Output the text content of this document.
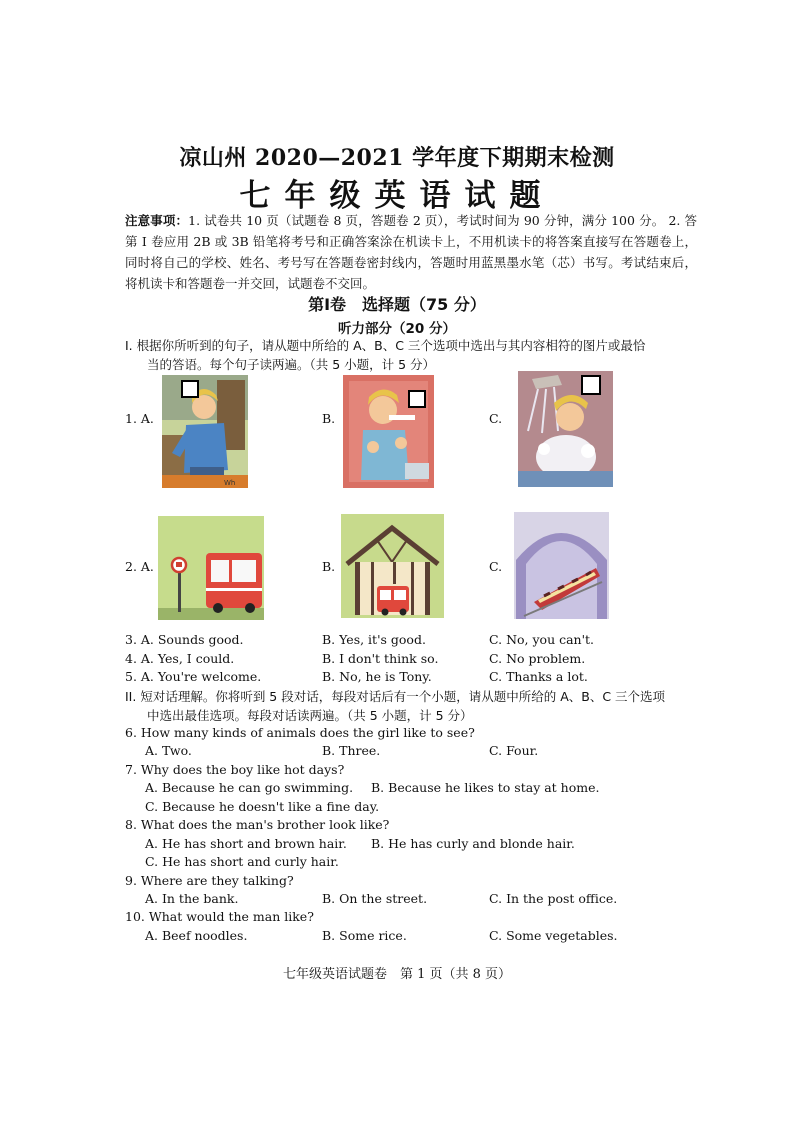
凉山州 2020—2021 学年度下期期末检测
七年级英语试题
注意事项：1. 试卷共 10 页（试题卷 8 页，答题卷 2 页），考试时间为 90 分钟，满分 100 分。 2. 答第 Ⅰ 卷应用 2B 或 3B 铅笔将考号和正确答案涂在机读卡上，不用机读卡的将答案直接写在答题卷上，同时将自己的学校、姓名、考号写在答题卷密封线内，答题时用蓝黑墨水笔（芯）书写。考试结束后，将机读卡和答题卷一并交回，试题卷不交回。
第Ⅰ卷　选择题（75 分）
听力部分（20 分）
I. 根据你所听到的句子，请从题中所给的 A、B、C 三个选项中选出与其内容相符的图片或最恰
当的答语。每个句子读两遍。（共 5 小题，计 5 分）
1. A.	B.	C.
Wh
2. A.	B.	C.
3. A. Sounds good.	B. Yes, it's good.	C. No, you can't.
4. A. Yes, I could.	B. I don't think so.	C. No problem.
5. A. You're welcome.	B. No, he is Tony.	C. Thanks a lot.
II. 短对话理解。你将听到 5 段对话，每段对话后有一个小题，请从题中所给的 A、B、C 三个选项
中选出最佳选项。每段对话读两遍。（共 5 小题，计 5 分）
6. How many kinds of animals does the girl like to see?
A. Two.	B. Three.	C. Four.
7. Why does the boy like hot days?
A. Because he can go swimming. B. Because he likes to stay at home.
C. Because he doesn't like a fine day.
8. What does the man's brother look like?
A. He has short and brown hair. B. He has curly and blonde hair.
C. He has short and curly hair.
9. Where are they talking?
A. In the bank.	B. On the street.	C. In the post office.
10. What would the man like?
A. Beef noodles.	B. Some rice.	C. Some vegetables.
七年级英语试题卷　第 1 页（共 8 页）
